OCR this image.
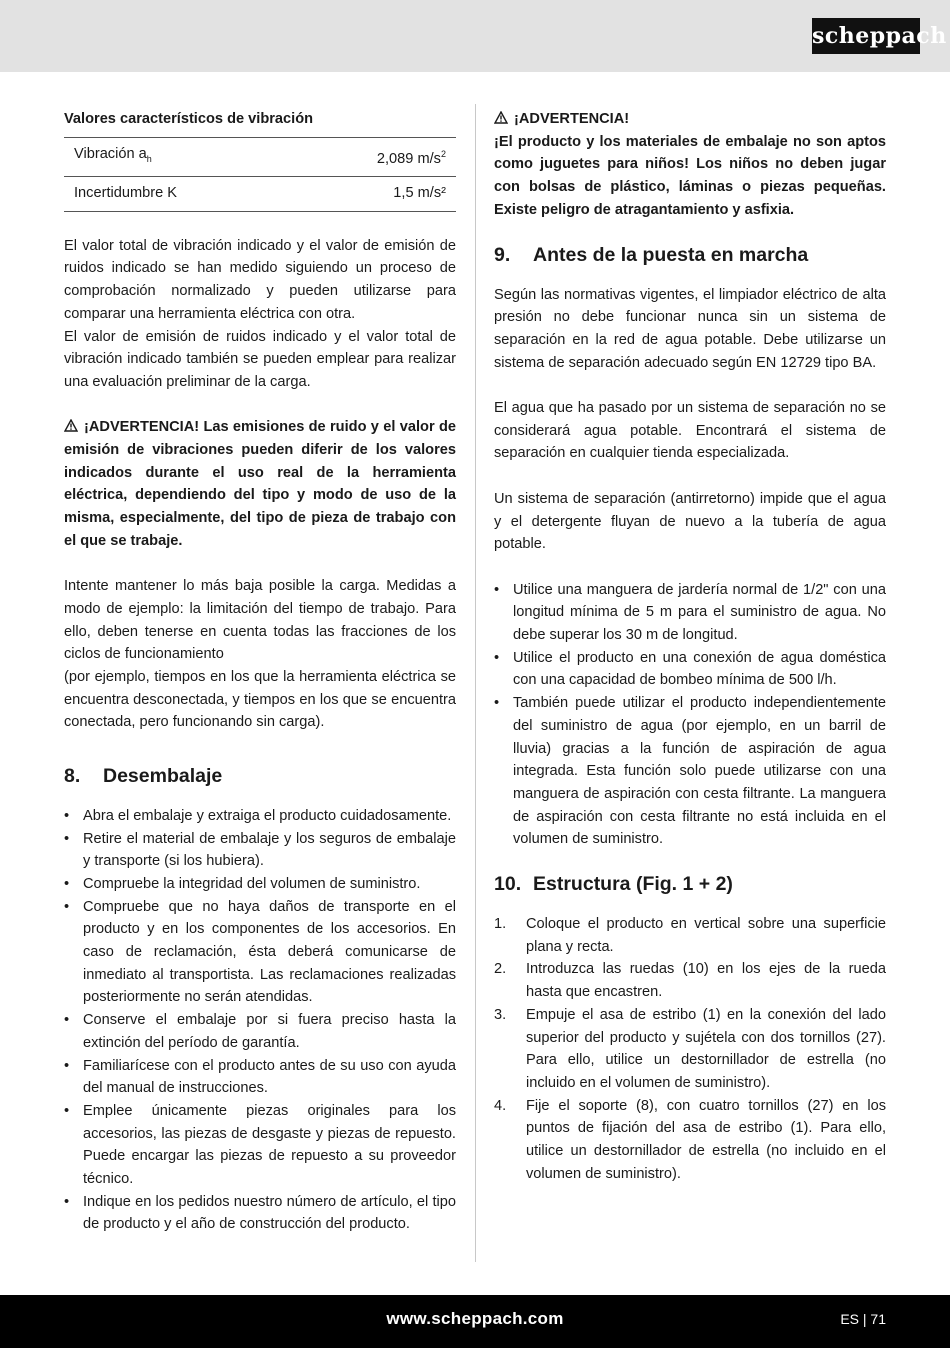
scheppach

Valores característicos de vibración

Vibración $a_h$	2,089 $m/s^2$
Incertidumbre K	1,5 m/s²

El valor total de vibración indicado y el valor de emisión de ruidos indicado se han medido siguiendo un proceso de comprobación normalizado y pueden utilizarse para comparar una herramienta eléctrica con otra.

El valor de emisión de ruidos indicado y el valor total de vibración indicado también se pueden emplear para realizar una evaluación preliminar de la carga.

¡ADVERTENCIA! Las emisiones de ruido y el valor de emisión de vibraciones pueden diferir de los valores indicados durante el uso real de la herramienta eléctrica, dependiendo del tipo y modo de uso de la misma, especialmente, del tipo de pieza de trabajo con el que se trabaje.

Intente mantener lo más baja posible la carga. Medidas a modo de ejemplo: la limitación del tiempo de trabajo. Para ello, deben tenerse en cuenta todas las fracciones de los ciclos de funcionamiento

(por ejemplo, tiempos en los que la herramienta eléctrica se encuentra desconectada, y tiempos en los que se encuentra conectada, pero funcionando sin carga).

8. Desembalaje
• Abra el embalaje y extraiga el producto cuidadosamente.
• Retire el material de embalaje y los seguros de embalaje y transporte (si los hubiera).
• Compruebe la integridad del volumen de suministro.
• Compruebe que no haya daños de transporte en el producto y en los componentes de los accesorios. En caso de reclamación, ésta deberá comunicarse de inmediato al transportista. Las reclamaciones realizadas posteriormente no serán atendidas.
• Conserve el embalaje por si fuera preciso hasta la extinción del período de garantía.
• Familiarícese con el producto antes de su uso con ayuda del manual de instrucciones.
• Emplee únicamente piezas originales para los accesorios, las piezas de desgaste y piezas de repuesto. Puede encargar las piezas de repuesto a su proveedor técnico.
• Indique en los pedidos nuestro número de artículo, el tipo de producto y el año de construcción del producto.

¡ADVERTENCIA!

¡El producto y los materiales de embalaje no son aptos como juguetes para niños! Los niños no deben jugar con bolsas de plástico, láminas o piezas pequeñas. Existe peligro de atragantamiento y asfixia.

9. Antes de la puesta en marcha

Según las normativas vigentes, el limpiador eléctrico de alta presión no debe funcionar nunca sin un sistema de separación en la red de agua potable. Debe utilizarse un sistema de separación adecuado según EN 12729 tipo BA.

El agua que ha pasado por un sistema de separación no se considerará agua potable. Encontrará el sistema de separación en cualquier tienda especializada.

Un sistema de separación (antirretorno) impide que el agua y el detergente fluyan de nuevo a la tubería de agua potable.

• Utilice una manguera de jardería normal de 1/2" con una longitud mínima de 5 m para el suministro de agua. No debe superar los 30 m de longitud.
• Utilice el producto en una conexión de agua doméstica con una capacidad de bombeo mínima de 500 l/h.
• También puede utilizar el producto independientemente del suministro de agua (por ejemplo, en un barril de lluvia) gracias a la función de aspiración de agua integrada. Esta función solo puede utilizarse con una manguera de aspiración con cesta filtrante. La manguera de aspiración con cesta filtrante no está incluida en el volumen de suministro.
10. Estructura (Fig. 1 + 2)
1. Coloque el producto en vertical sobre una superficie plana y recta.
2. Introduzca las ruedas (10) en los ejes de la rueda hasta que encastren.
3. Empuje el asa de estribo (1) en la conexión del lado superior del producto y sujétela con dos tornillos (27). Para ello, utilice un destornillador de estrella (no incluido en el volumen de suministro).
4. Fije el soporte (8), con cuatro tornillos (27) en los puntos de fijación del asa de estribo (1). Para ello, utilice un destornillador de estrella (no incluido en el volumen de suministro).
www.scheppach.com	ES | 71
